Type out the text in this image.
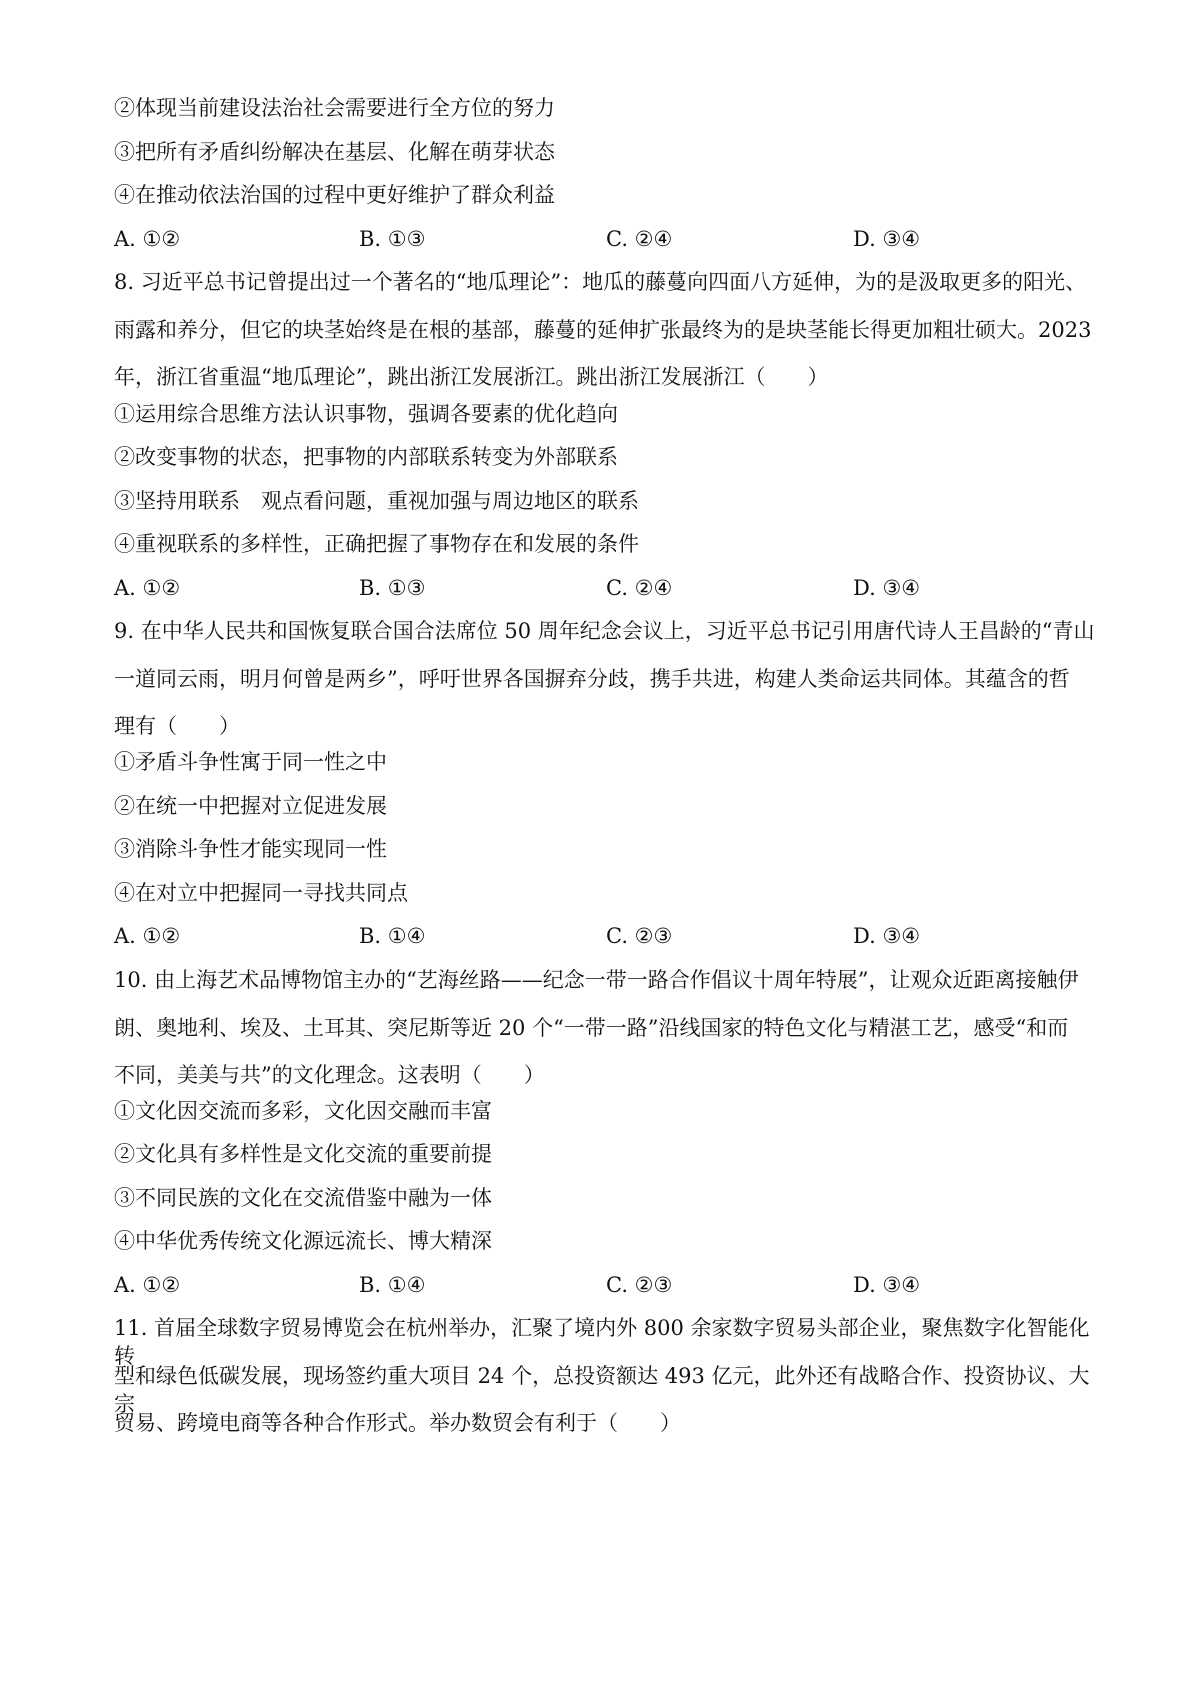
②体现当前建设法治社会需要进行全方位的努力
③把所有矛盾纠纷解决在基层、化解在萌芽状态
④在推动依法治国的过程中更好维护了群众利益
A. ①②	B. ①③	C. ②④	D. ③④
8. 习近平总书记曾提出过一个著名的“地瓜理论”：地瓜的藤蔓向四面八方延伸，为的是汲取更多的阳光、
雨露和养分，但它的块茎始终是在根的基部，藤蔓的延伸扩张最终为的是块茎能长得更加粗壮硕大。2023
年，浙江省重温“地瓜理论”，跳出浙江发展浙江。跳出浙江发展浙江（　　）
①运用综合思维方法认识事物，强调各要素的优化趋向
②改变事物的状态，把事物的内部联系转变为外部联系
③坚持用联系　观点看问题，重视加强与周边地区的联系
④重视联系的多样性，正确把握了事物存在和发展的条件
A. ①②	B. ①③	C. ②④	D. ③④
9. 在中华人民共和国恢复联合国合法席位 50 周年纪念会议上，习近平总书记引用唐代诗人王昌龄的“青山
一道同云雨，明月何曾是两乡”，呼吁世界各国摒弃分歧，携手共进，构建人类命运共同体。其蕴含的哲
理有（　　）
①矛盾斗争性寓于同一性之中
②在统一中把握对立促进发展
③消除斗争性才能实现同一性
④在对立中把握同一寻找共同点
A. ①②	B. ①④	C. ②③	D. ③④
10. 由上海艺术品博物馆主办的“艺海丝路——纪念一带一路合作倡议十周年特展”，让观众近距离接触伊
朗、奥地利、埃及、土耳其、突尼斯等近 20 个“一带一路”沿线国家的特色文化与精湛工艺，感受“和而
不同，美美与共”的文化理念。这表明（　　）
①文化因交流而多彩，文化因交融而丰富
②文化具有多样性是文化交流的重要前提
③不同民族的文化在交流借鉴中融为一体
④中华优秀传统文化源远流长、博大精深
A. ①②	B. ①④	C. ②③	D. ③④
11. 首届全球数字贸易博览会在杭州举办，汇聚了境内外 800 余家数字贸易头部企业，聚焦数字化智能化转
型和绿色低碳发展，现场签约重大项目 24 个，总投资额达 493 亿元，此外还有战略合作、投资协议、大宗
贸易、跨境电商等各种合作形式。举办数贸会有利于（　　）
